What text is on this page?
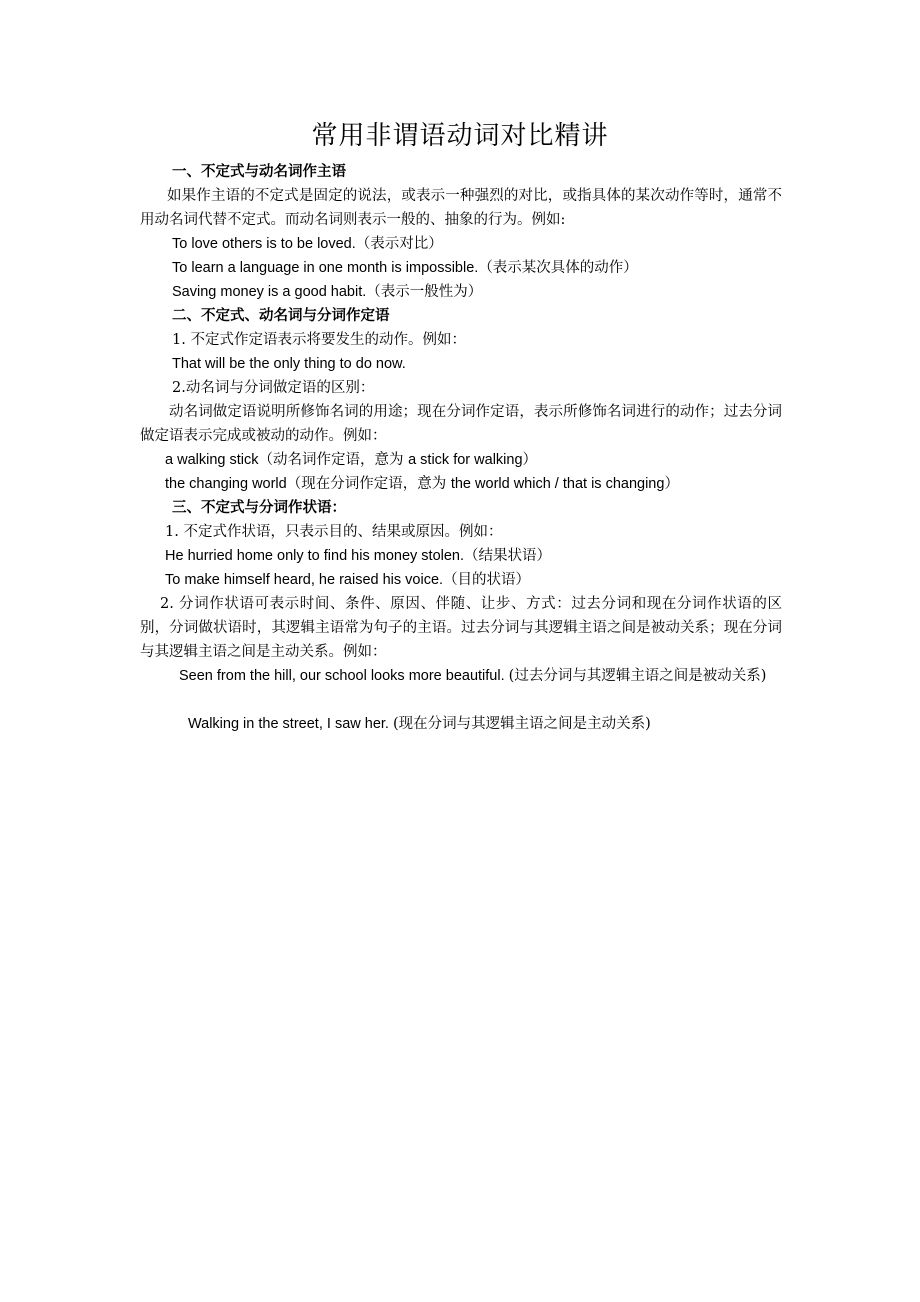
常用非谓语动词对比精讲
一、不定式与动名词作主语
如果作主语的不定式是固定的说法，或表示一种强烈的对比，或指具体的某次动作等时，通常不用动名词代替不定式。而动名词则表示一般的、抽象的行为。例如:
To love others is to be loved.（表示对比）
To learn a language in one month is impossible.（表示某次具体的动作）
Saving money is a good habit.（表示一般性为）
二、不定式、动名词与分词作定语
1. 不定式作定语表示将要发生的动作。例如：
That will be the only thing to do now.
2.动名词与分词做定语的区别：
动名词做定语说明所修饰名词的用途；现在分词作定语，表示所修饰名词进行的动作；过去分词做定语表示完成或被动的动作。例如：
a walking stick（动名词作定语，意为 a stick for walking）
the changing world（现在分词作定语，意为 the world which / that is changing）
三、不定式与分词作状语：
1. 不定式作状语，只表示目的、结果或原因。例如：
He hurried home only to find his money stolen.（结果状语）
To make himself heard, he raised his voice.（目的状语）
2. 分词作状语可表示时间、条件、原因、伴随、让步、方式：过去分词和现在分词作状语的区别，分词做状语时，其逻辑主语常为句子的主语。过去分词与其逻辑主语之间是被动关系；现在分词与其逻辑主语之间是主动关系。例如：
Seen from the hill, our school looks more beautiful. (过去分词与其逻辑主语之间是被动关系)
Walking in the street, I saw her. (现在分词与其逻辑主语之间是主动关系)
